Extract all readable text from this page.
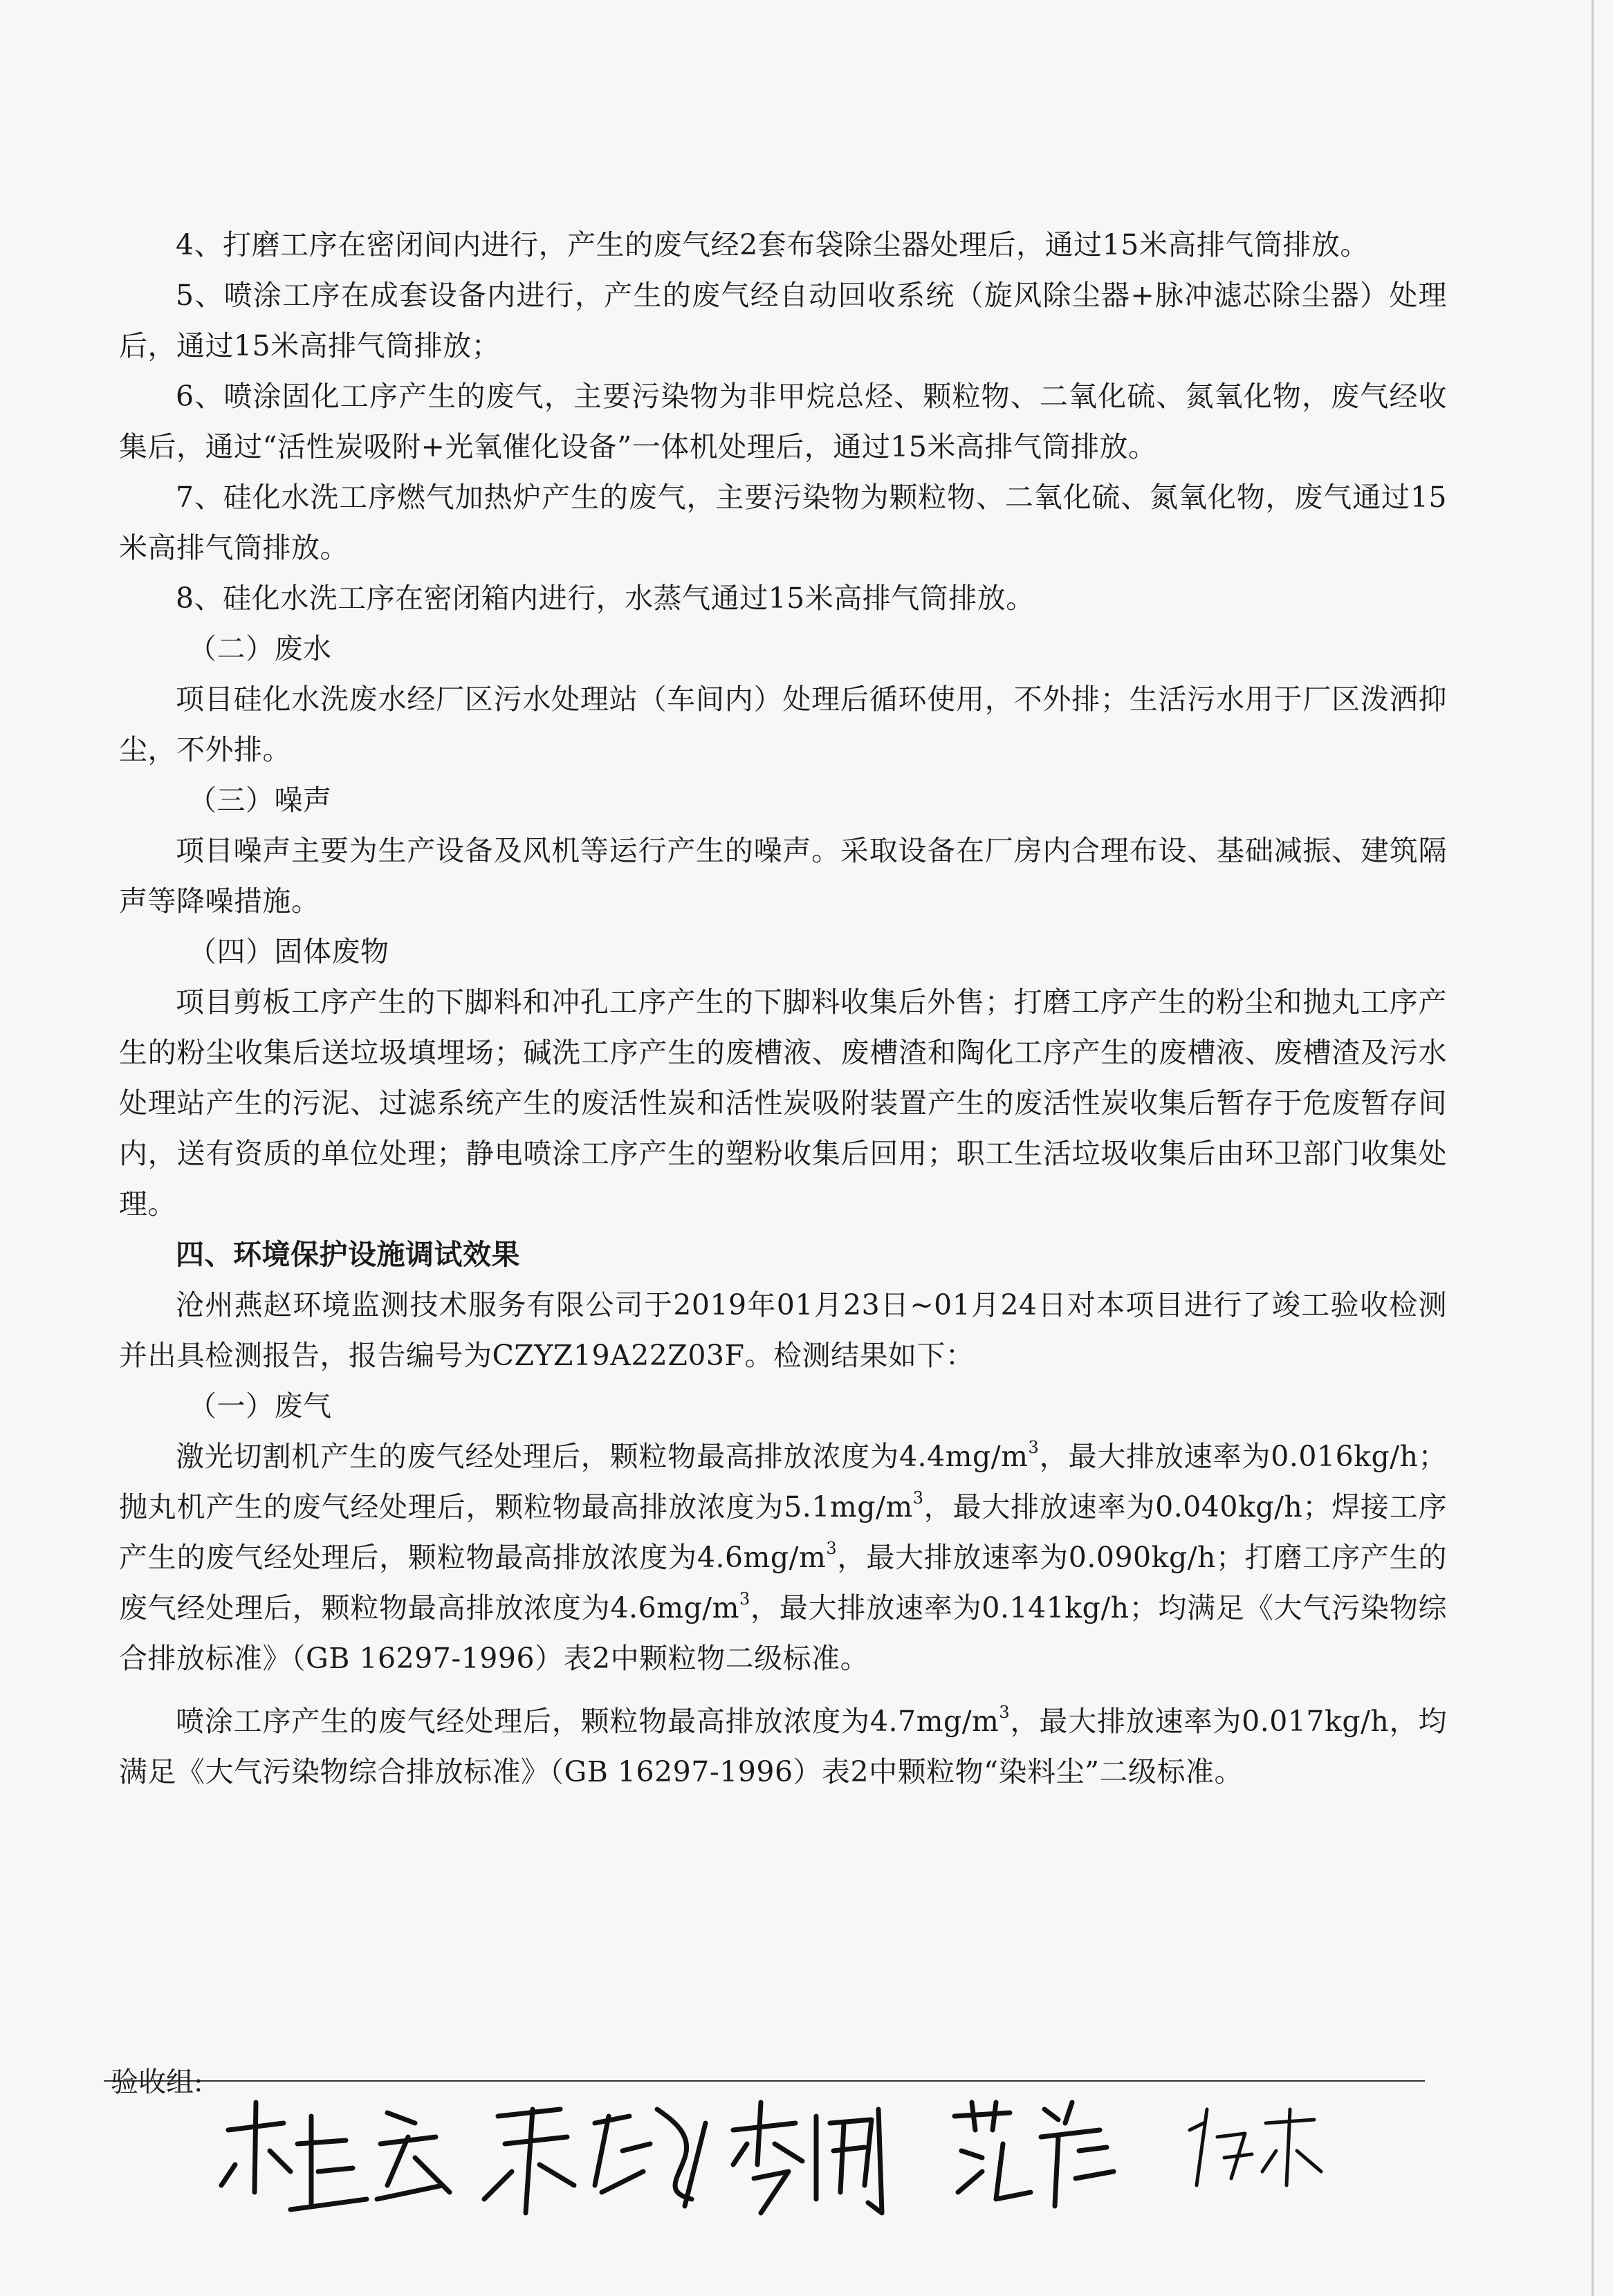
4、打磨工序在密闭间内进行，产生的废气经2套布袋除尘器处理后，通过15米高排气筒排放。

5、喷涂工序在成套设备内进行，产生的废气经自动回收系统（旋风除尘器+脉冲滤芯除尘器）处理后，通过15米高排气筒排放；

6、喷涂固化工序产生的废气，主要污染物为非甲烷总烃、颗粒物、二氧化硫、氮氧化物，废气经收集后，通过“活性炭吸附+光氧催化设备”一体机处理后，通过15米高排气筒排放。

7、硅化水洗工序燃气加热炉产生的废气，主要污染物为颗粒物、二氧化硫、氮氧化物，废气通过15米高排气筒排放。

8、硅化水洗工序在密闭箱内进行，水蒸气通过15米高排气筒排放。

（二）废水

项目硅化水洗废水经厂区污水处理站（车间内）处理后循环使用，不外排；生活污水用于厂区泼洒抑尘，不外排。

（三）噪声

项目噪声主要为生产设备及风机等运行产生的噪声。采取设备在厂房内合理布设、基础减振、建筑隔声等降噪措施。

（四）固体废物

项目剪板工序产生的下脚料和冲孔工序产生的下脚料收集后外售；打磨工序产生的粉尘和抛丸工序产生的粉尘收集后送垃圾填埋场；碱洗工序产生的废槽液、废槽渣和陶化工序产生的废槽液、废槽渣及污水处理站产生的污泥、过滤系统产生的废活性炭和活性炭吸附装置产生的废活性炭收集后暂存于危废暂存间内，送有资质的单位处理；静电喷涂工序产生的塑粉收集后回用；职工生活垃圾收集后由环卫部门收集处理。

四、环境保护设施调试效果

沧州燕赵环境监测技术服务有限公司于2019年01月23日~01月24日对本项目进行了竣工验收检测并出具检测报告，报告编号为CZYZ19A22Z03F。检测结果如下：

（一）废气

激光切割机产生的废气经处理后，颗粒物最高排放浓度为$4.4mg/m^3$，最大排放速率为0.016kg/h；抛丸机产生的废气经处理后，颗粒物最高排放浓度为$5.1mg/m^3$，最大排放速率为0.040kg/h；焊接工序产生的废气经处理后，颗粒物最高排放浓度为$4.6mg/m^3$，最大排放速率为0.090kg/h；打磨工序产生的废气经处理后，颗粒物最高排放浓度为$4.6mg/m^3$，最大排放速率为0.141kg/h；均满足《大气污染物综合排放标准》（GB 16297-1996）表2中颗粒物二级标准。

喷涂工序产生的废气经处理后，颗粒物最高排放浓度为$4.7mg/m^3$，最大排放速率为0.017kg/h，均满足《大气污染物综合排放标准》（GB 16297-1996）表2中颗粒物“染料尘”二级标准。

验收组:
